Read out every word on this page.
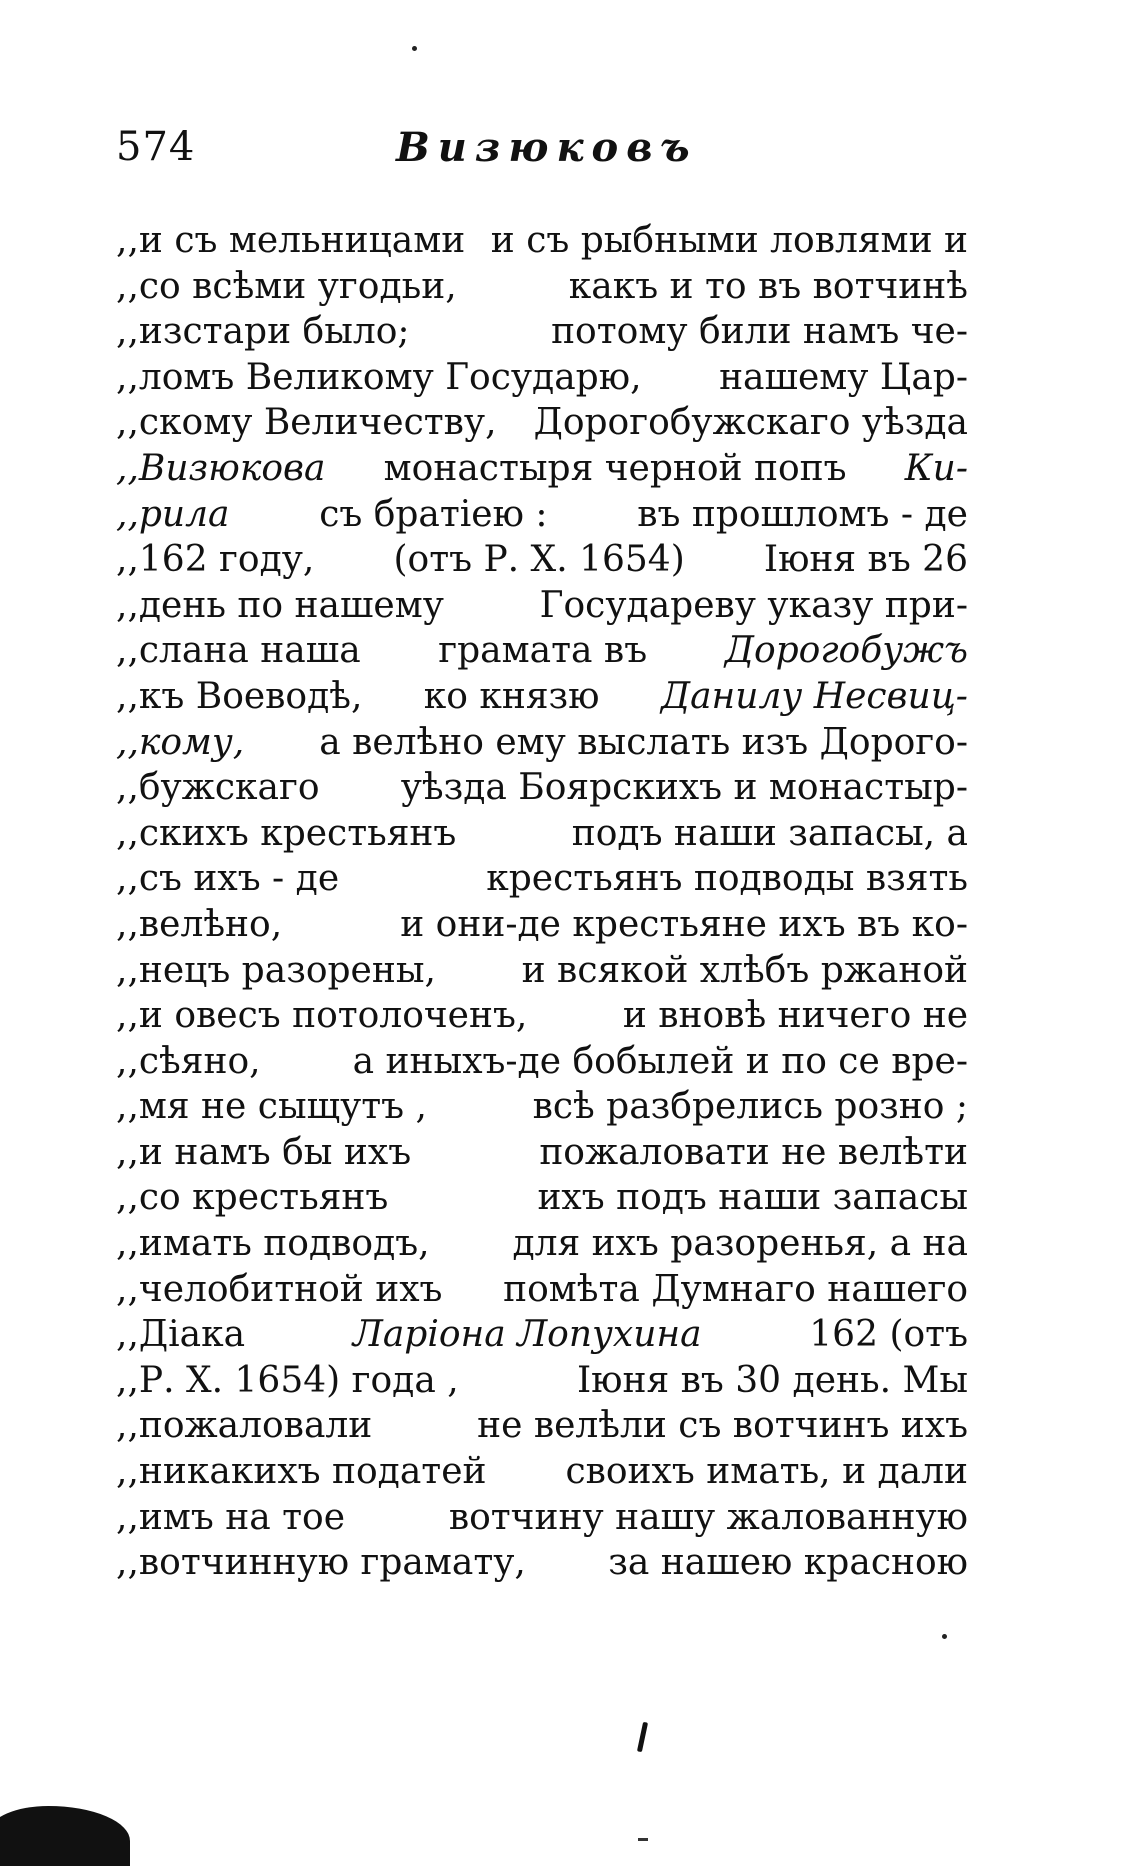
574	Визюковъ
,,и съ мельницами и съ рыбными ловлями и
,,со всѣми угодьи,	какъ и то въ вотчинѣ
,,изстари было;	потому били намъ че-
,,ломъ Великому Государю, нашему Цар-
,,скому Величеству, Дорогобужскаго уѣзда
,,Визюкова монастыря черной попъ Ки-
,,рила съ братіею : въ прошломъ - де
,,162 году, (отъ Р. Х. 1654) Іюня въ 26
,,день по нашему	Государеву указу при-
,,слана наша грамата въ Дорогобужъ
,,къ Воеводѣ, ко князю Данилу Несвиц-
,,кому, а велѣно ему выслать изъ Дорого-
,,бужскаго уѣзда Боярскихъ и монастыр-
,,скихъ крестьянъ	подъ наши запасы, а
,,съ ихъ - де	крестьянъ подводы взять
,,велѣно,	и они-де крестьяне ихъ въ ко-
,,нецъ разорены, и всякой хлѣбъ ржаной
,,и овесъ потолоченъ,	и вновѣ ничего не
,,сѣяно,	а иныхъ-де бобылей и по се вре-
,,мя не сыщутъ ,	всѣ разбрелись розно ;
,,и намъ бы ихъ	пожаловати не велѣти
,,со крестьянъ	ихъ подъ наши запасы
,,имать подводъ, для ихъ разоренья, а на
,,челобитной ихъ помѣта Думнаго нашего
,,Дiака	Ларіона Лопухина	162 (отъ
,,Р. Х. 1654) года ,	Іюня въ 30 день. Мы
,,пожаловали	не велѣли съ вотчинъ ихъ
,,никакихъ податей своихъ имать, и дали
,,имъ на тое	вотчину нашу жалованную
,,вотчинную грамату, за нашею красною
